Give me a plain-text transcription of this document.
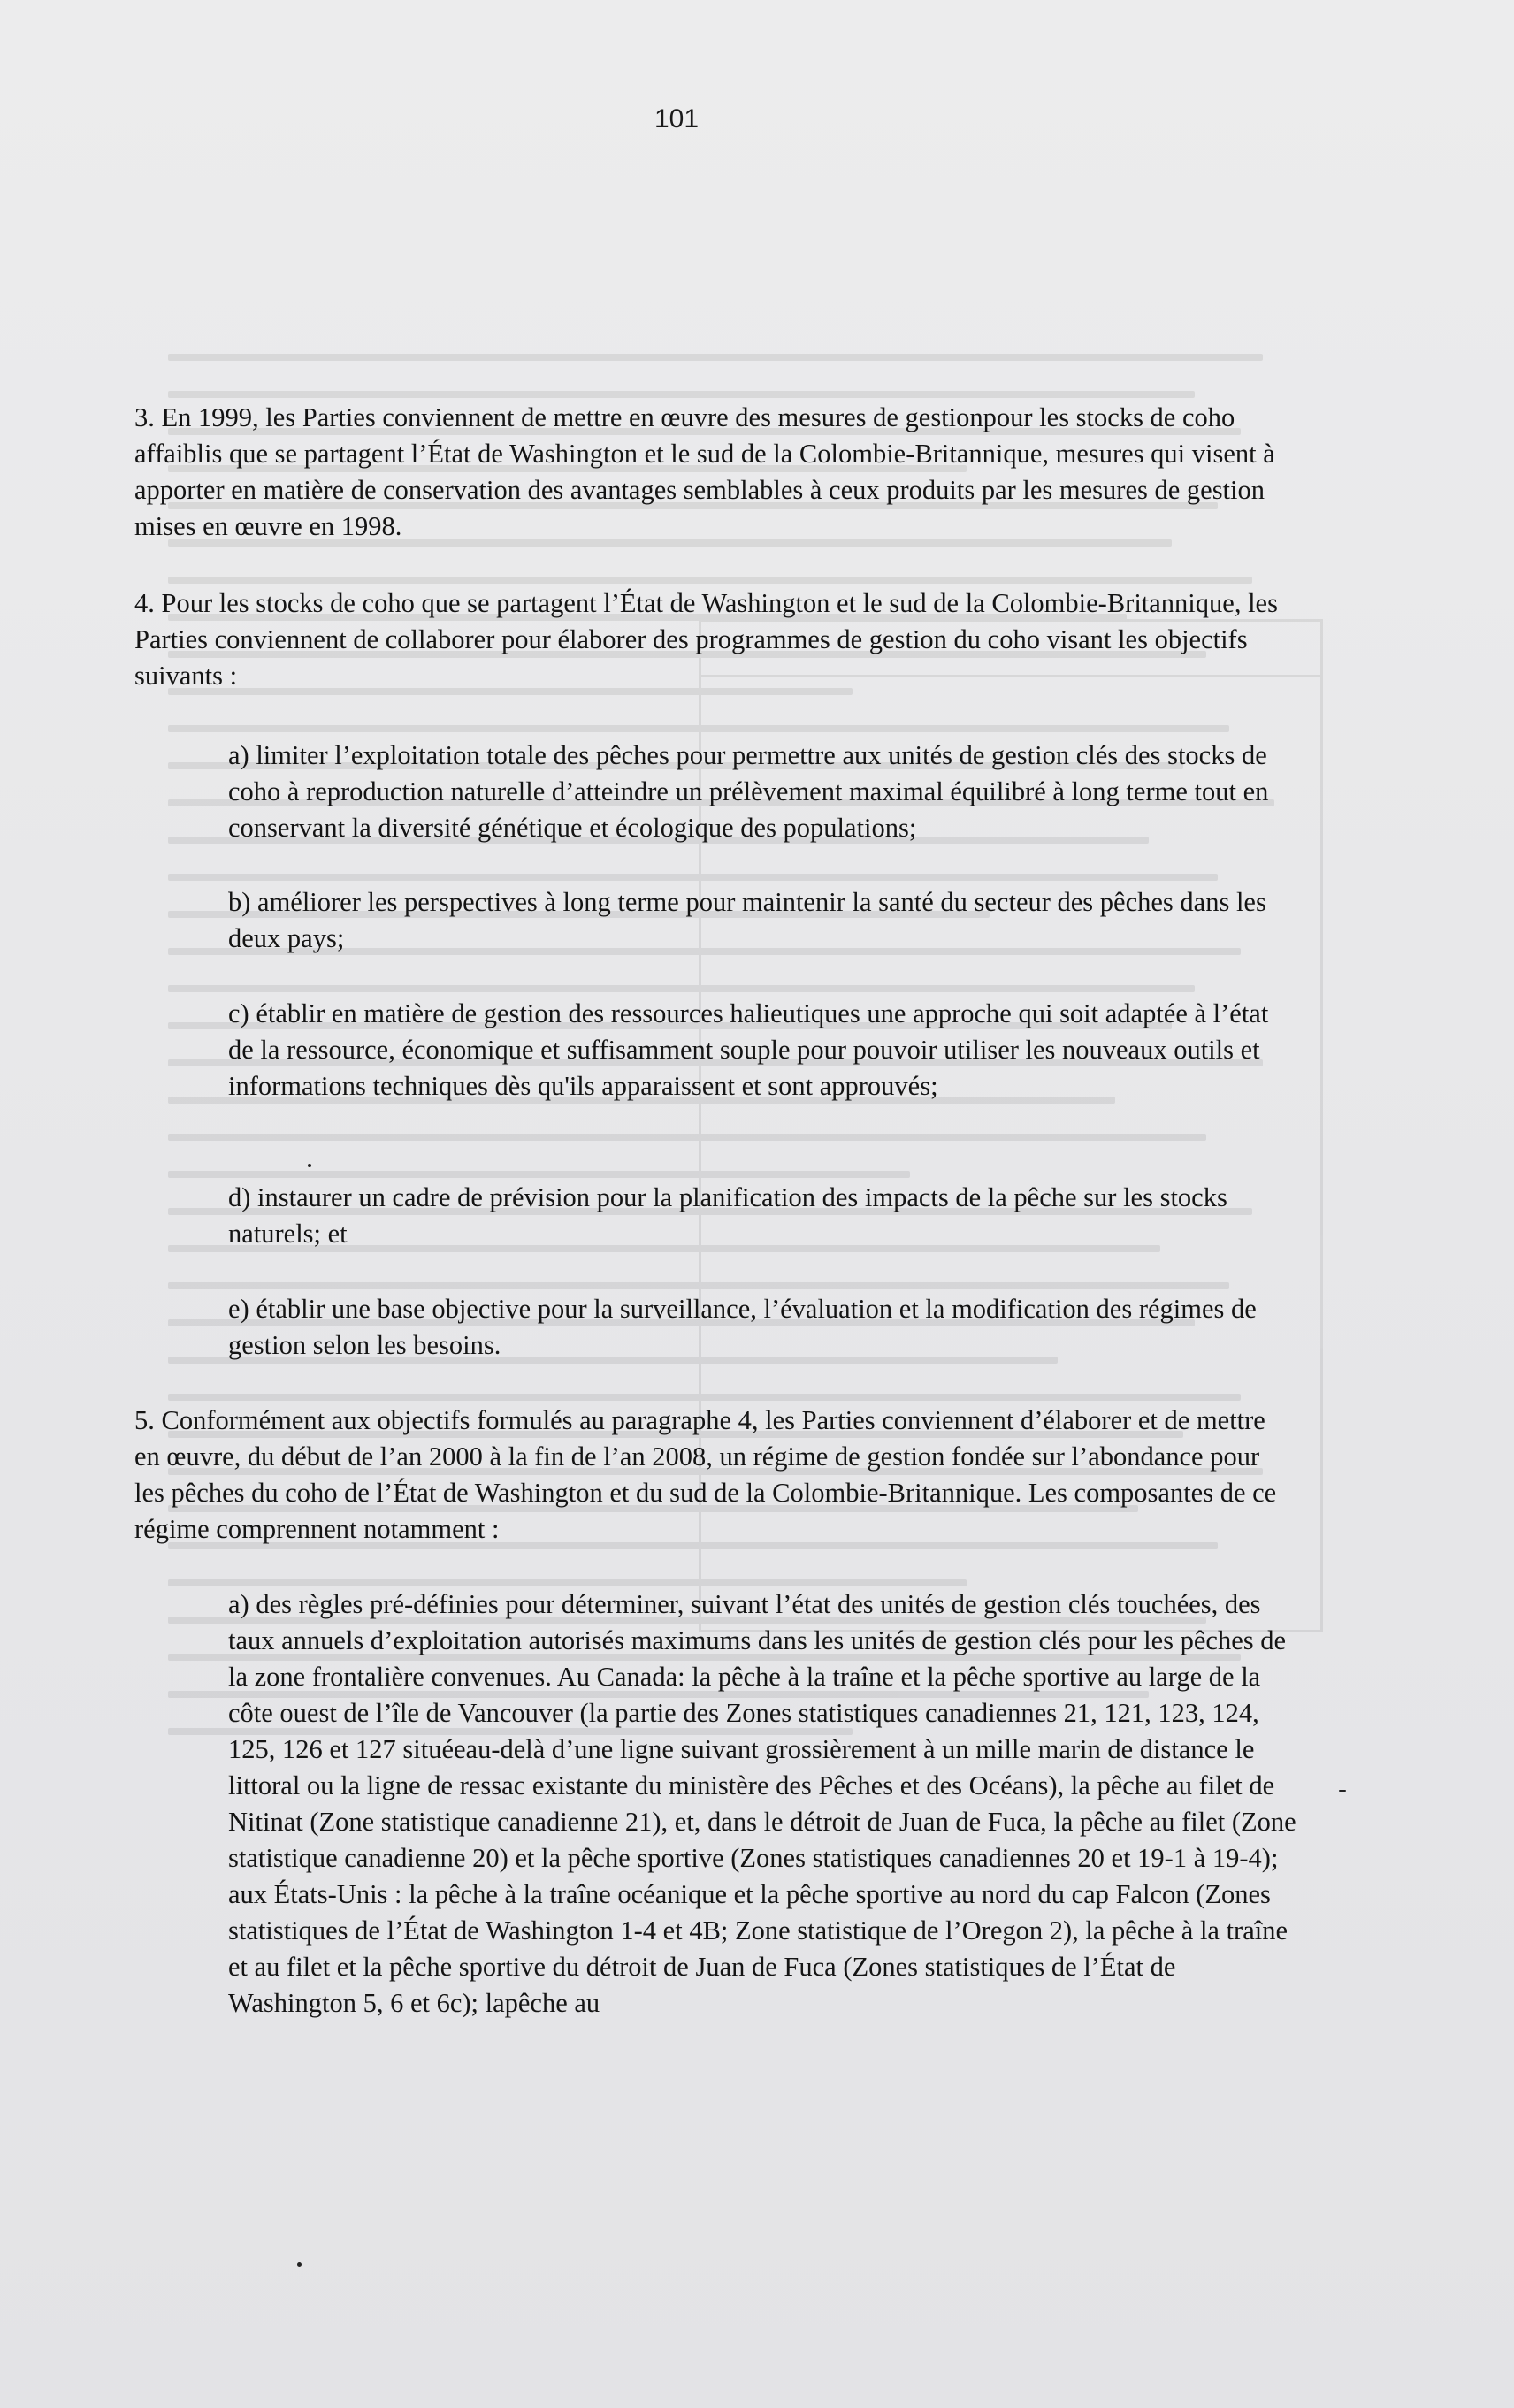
101

3. En 1999, les Parties conviennent de mettre en œuvre des mesures de gestionpour les stocks de coho affaiblis que se partagent l’État de Washington et le sud de la Colombie-Britannique, mesures qui visent à apporter en matière de conservation des avantages semblables à ceux produits par les mesures de gestion mises en œuvre en 1998.

4. Pour les stocks de coho que se partagent l’État de Washington et le sud de la Colombie-Britannique, les Parties conviennent de collaborer pour élaborer des programmes de gestion du coho visant les objectifs suivants :

a) limiter l’exploitation totale des pêches pour permettre aux unités de gestion clés des stocks de coho à reproduction naturelle d’atteindre un prélèvement maximal équilibré à long terme tout en conservant la diversité génétique et écologique des populations;

b) améliorer les perspectives à long terme pour maintenir la santé du secteur des pêches dans les deux pays;

c) établir en matière de gestion des ressources halieutiques une approche qui soit adaptée à l’état de la ressource, économique et suffisamment souple pour pouvoir utiliser les nouveaux outils et informations techniques dès qu'ils apparaissent et sont approuvés;

d) instaurer un cadre de prévision pour la planification des impacts de la pêche sur les stocks naturels; et

e) établir une base objective pour la surveillance, l’évaluation et la modification des régimes de gestion selon les besoins.

5. Conformément aux objectifs formulés au paragraphe 4, les Parties conviennent d’élaborer et de mettre en œuvre, du début de l’an 2000 à la fin de l’an 2008, un régime de gestion fondée sur l’abondance pour les pêches du coho de l’État de Washington et du sud de la Colombie-Britannique. Les composantes de ce régime comprennent notamment :

a) des règles pré-définies pour déterminer, suivant l’état des unités de gestion clés touchées, des taux annuels d’exploitation autorisés maximums dans les unités de gestion clés pour les pêches de la zone frontalière convenues. Au Canada: la pêche à la traîne et la pêche sportive au large de la côte ouest de l’île de Vancouver (la partie des Zones statistiques canadiennes 21, 121, 123, 124, 125, 126 et 127 situéeau-delà d’une ligne suivant grossièrement à un mille marin de distance le littoral ou la ligne de ressac existante du ministère des Pêches et des Océans), la pêche au filet de Nitinat (Zone statistique canadienne 21), et, dans le détroit de Juan de Fuca, la pêche au filet (Zone statistique canadienne 20) et la pêche sportive (Zones statistiques canadiennes 20 et 19-1 à 19-4); aux États-Unis : la pêche à la traîne océanique et la pêche sportive au nord du cap Falcon (Zones statistiques de l’État de Washington 1-4 et 4B; Zone statistique de l’Oregon 2), la pêche à la traîne et au filet et la pêche sportive du détroit de Juan de Fuca (Zones statistiques de l’État de Washington 5, 6 et 6c); lapêche au
